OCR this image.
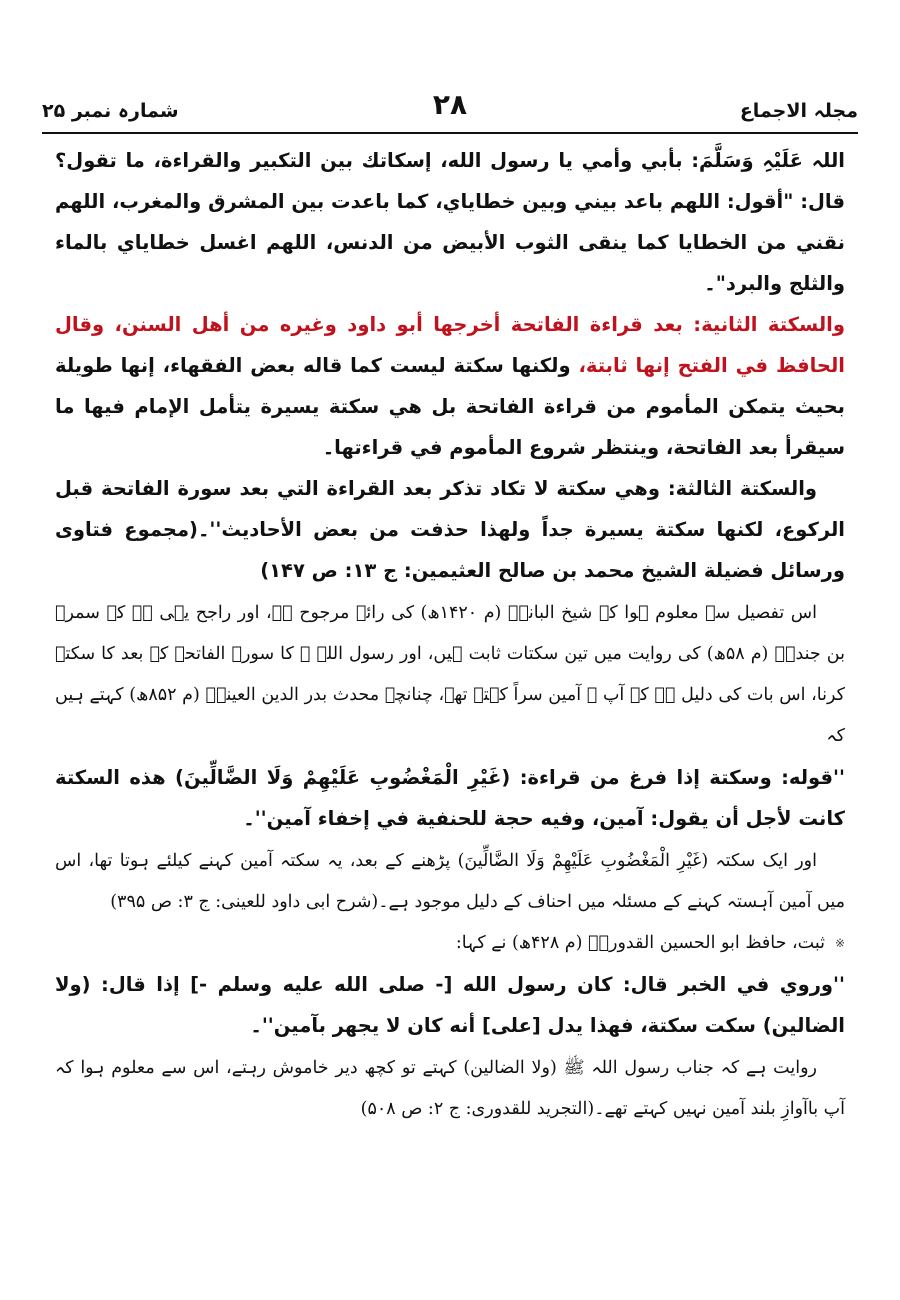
مجلہ الاجماع
۲۸
شمارہ نمبر ۲۵

اللہ عَلَیْہِ وَسَلَّمَ: بأبي وأمي يا رسول الله، إسكاتك بين التكبير والقراءة، ما تقول؟ قال: "أقول: اللهم باعد بيني وبين خطاياي، كما باعدت بين المشرق والمغرب، اللهم نقني من الخطايا كما ينقى الثوب الأبيض من الدنس، اللهم اغسل خطاياي بالماء والثلج والبرد"۔

والسكتة الثانية: بعد قراءة الفاتحة أخرجها أبو داود وغيره من أهل السنن، وقال الحافظ في الفتح إنها ثابتة، ولكنها سكتة ليست كما قاله بعض الفقهاء، إنها طويلة بحيث يتمكن المأموم من قراءة الفاتحة بل هي سكتة يسيرة يتأمل الإمام فيها ما سيقرأ بعد الفاتحة، وينتظر شروع المأموم في قراءتها۔

والسكتة الثالثة: وهي سكتة لا تكاد تذكر بعد القراءة التي بعد سورة الفاتحة قبل الركوع، لكنها سكتة يسيرة جداً ولهذا حذفت من بعض الأحاديث''۔(مجموع فتاوى ورسائل فضيلة الشيخ محمد بن صالح العثيمين: ج ۱۳: ص ۱۴۷)

اس تفصیل سے معلوم ہوا کہ شیخ البانیؒ (م ۱۴۲۰ھ) کی رائے مرجوح ہے، اور راجح یہی ہے کہ سمرۃ بن جندبؓ (م ۵۸ھ) کی روایت میں تین سکتات ثابت ہیں، اور رسول اللہ ﷺ کا سورۃ الفاتحہ کے بعد کا سکتہ کرنا، اس بات کی دلیل ہے کہ آپ ﷺ آمین سراً کہتے تھے، چنانچہ محدث بدر الدین العینیؒ (م ۸۵۲ھ) کہتے ہیں کہ

''قوله: وسكتة إذا فرغ من قراءة: (غَيْرِ الْمَغْضُوبِ عَلَيْهِمْ وَلَا الضَّالِّينَ) هذه السكتة كانت لأجل أن يقول: آمين، وفيه حجة للحنفية في إخفاء آمين''۔

اور ایک سکتہ (غَيْرِ الْمَغْضُوبِ عَلَيْهِمْ وَلَا الضَّالِّينَ) پڑھنے کے بعد، یہ سکتہ آمین کہنے کیلئے ہوتا تھا، اس میں آمین آہستہ کہنے کے مسئلہ میں احناف کے دلیل موجود ہے۔(شرح ابی داود للعینی: ج ۳: ص ۳۹۵)

※
ثبت، حافظ ابو الحسین القدوریؒ (م ۴۲۸ھ) نے کہا:

''وروي في الخبر قال: كان رسول الله [- صلى الله عليه وسلم -] إذا قال: (ولا الضالين) سكت سكتة، فهذا يدل [على] أنه كان لا يجهر بآمين''۔

روایت ہے کہ جناب رسول اللہ ﷺ (ولا الضالین) کہتے تو کچھ دیر خاموش رہتے، اس سے معلوم ہوا کہ آپ باآوازِ بلند آمین نہیں کہتے تھے۔(التجرید للقدوری: ج ۲: ص ۵۰۸)
